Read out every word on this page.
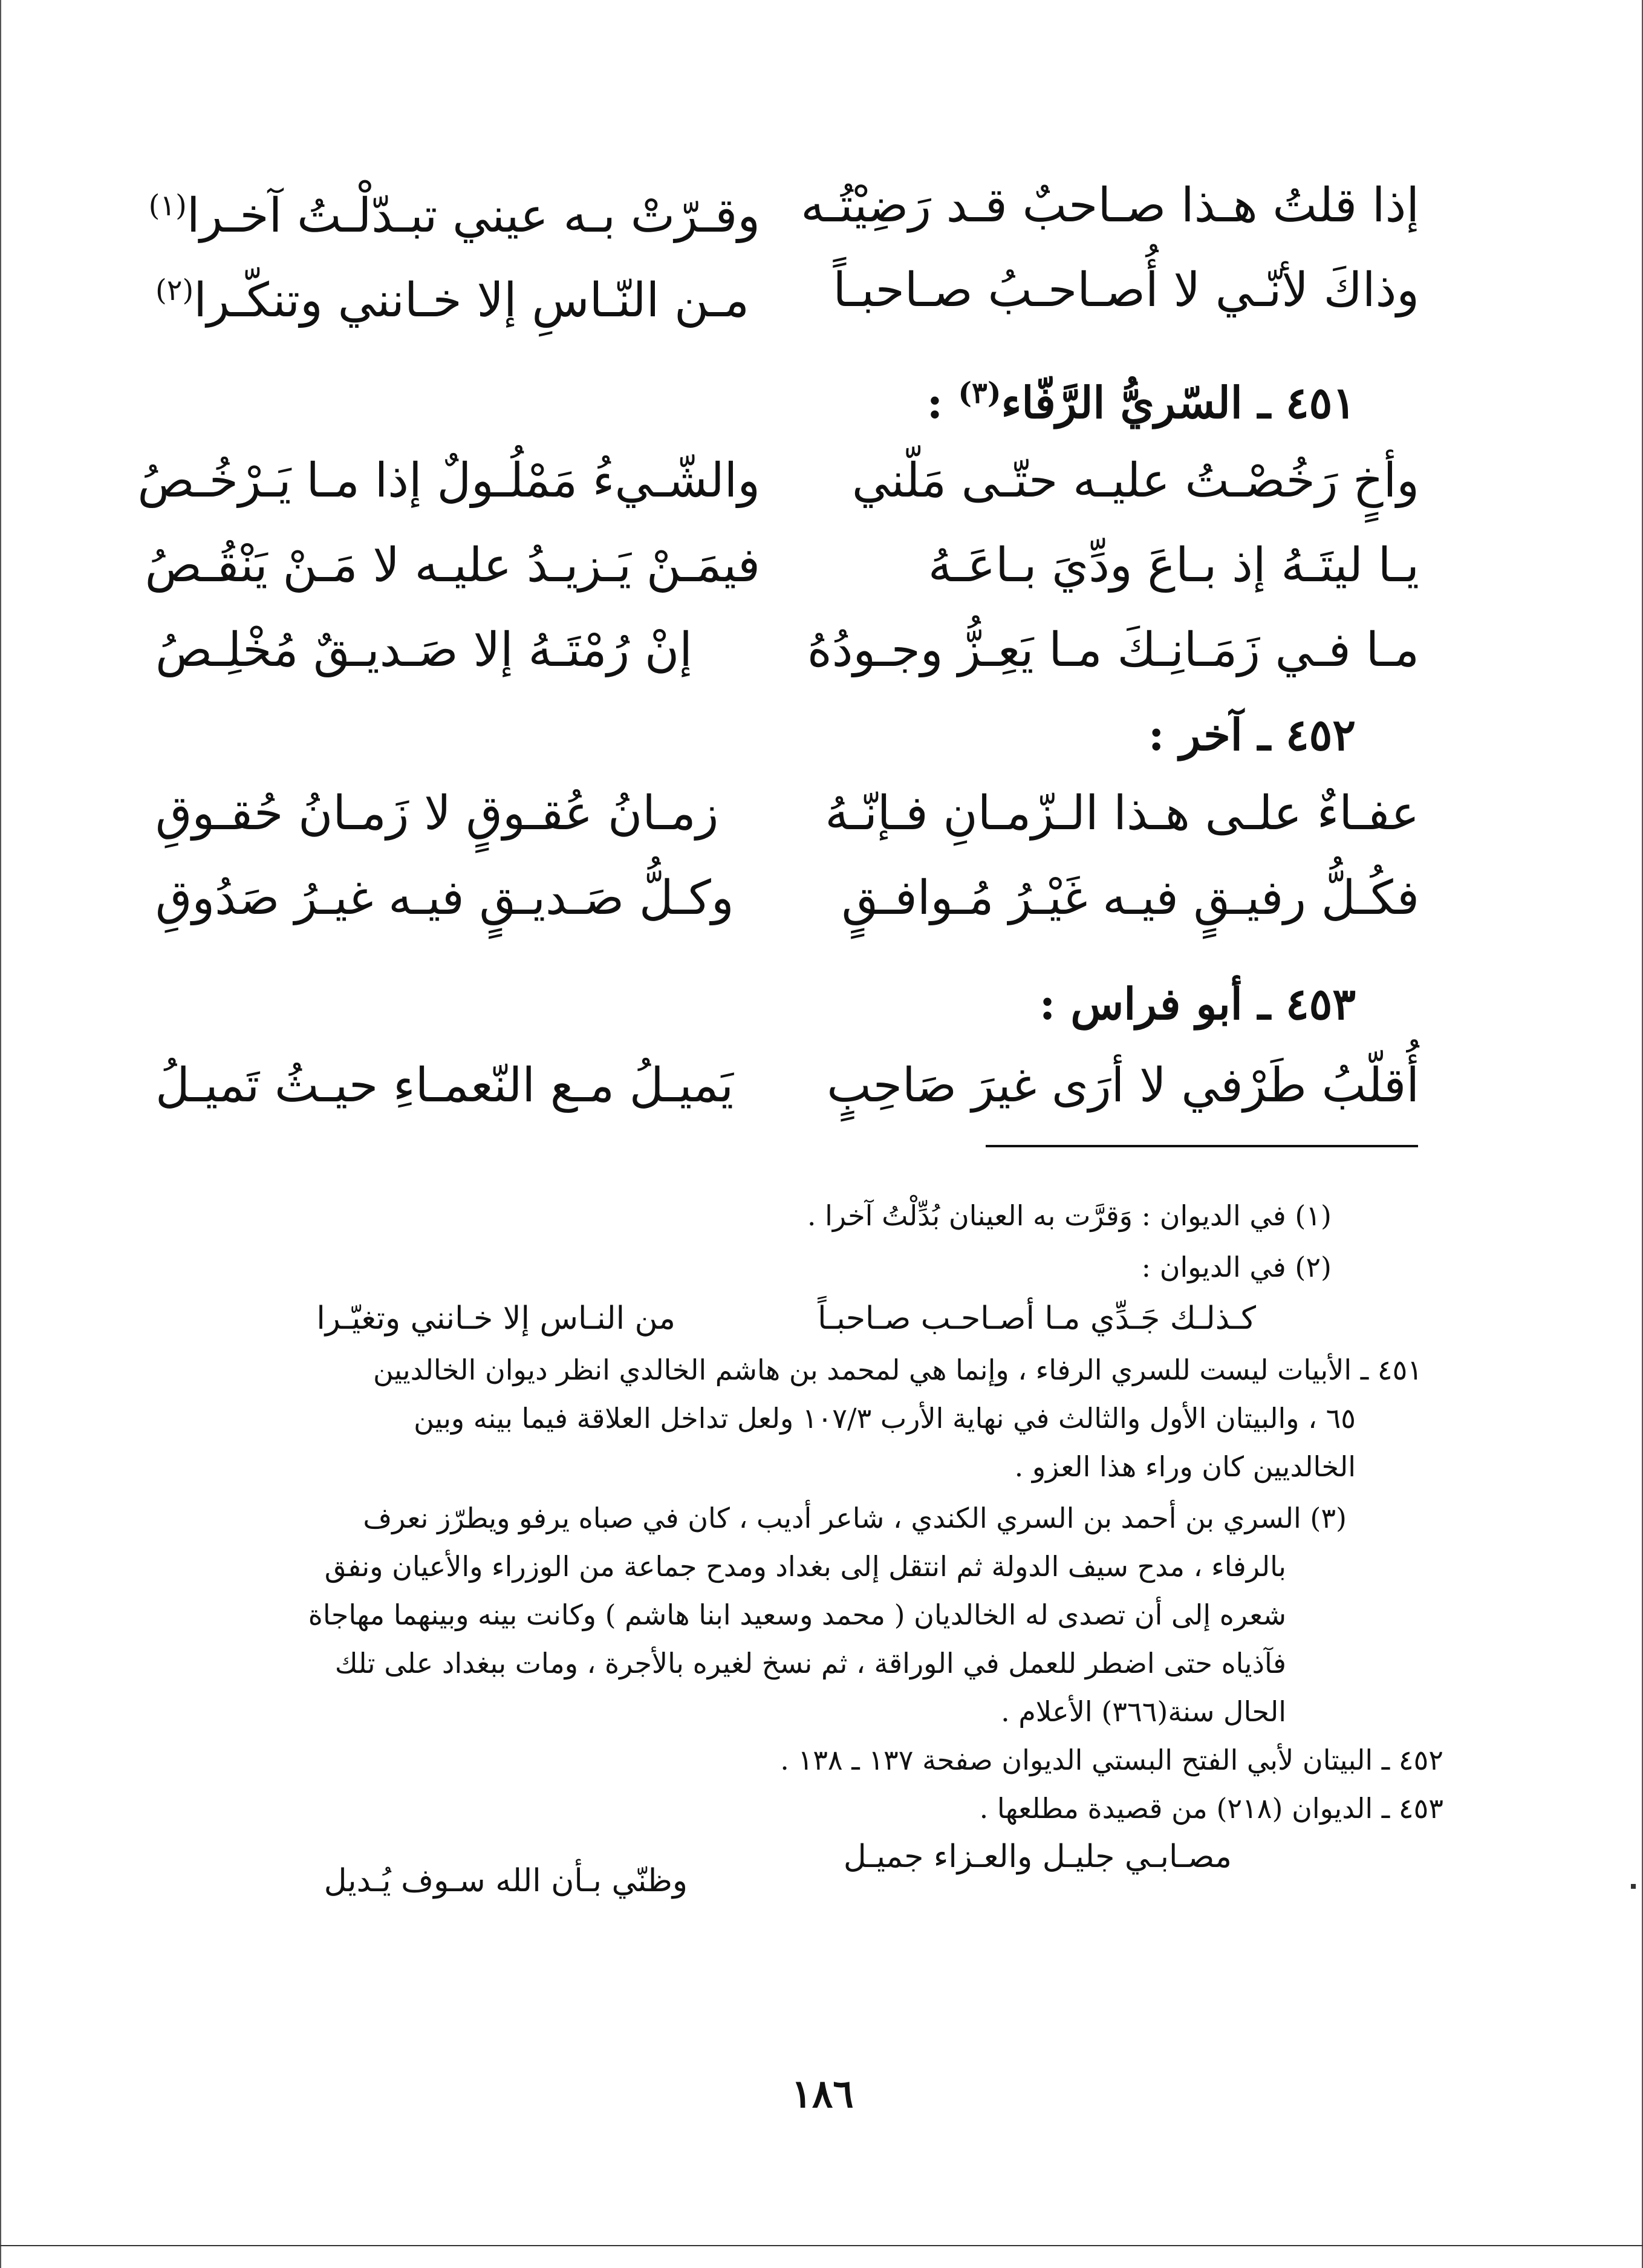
إذا قلتُ هـذا صـاحبٌ قـد رَضِيْتُـه
وقـرّتْ بـه عيني تبـدّلْـتُ آخـرا$^{(١)}$
وذاكَ لأنّـي لا أُصـاحـبُ صـاحبـاً
مـن النّـاسِ إلا خـانني وتنكّـرا$^{(٢)}$
٤٥١ ـ السّريُّ الرَّفّاء$^{(٣)}$ :
وأخٍ رَخُصْـتُ عليـه حتّـى مَلّني
والشّـيءُ مَمْلُـولٌ إذا مـا يَـرْخُـصُ
يـا ليتَـهُ إذ بـاعَ ودِّيَ بـاعَـهُ
فيمَـنْ يَـزيـدُ عليـه لا مَـنْ يَنْقُـصُ
مـا فـي زَمَـانِـكَ مـا يَعِـزُّ وجـودُهُ
إنْ رُمْتَـهُ إلا صَـديـقٌ مُخْلِـصُ
٤٥٢ ـ آخر :
عفـاءٌ علـى هـذا الـزّمـانِ فـإنّـهُ
زمـانُ عُقـوقٍ لا زَمـانُ حُقـوقِ
فكُـلُّ رفيـقٍ فيـه غَيْـرُ مُـوافـقٍ
وكـلُّ صَـديـقٍ فيـه غيـرُ صَدُوقِ
٤٥٣ ـ أبو فراس :
أُقلّبُ طَرْفي لا أرَى غيرَ صَاحِبٍ
يَميـلُ مـع النّعمـاءِ حيـثُ تَميـلُ
(١) في الديوان : وَقرَّت به العينان بُدِّلْتُ آخرا .
(٢) في الديوان :
كـذلـك جَـدِّي مـا أصـاحـب صـاحبـاً
من النـاس إلا خـانني وتغيّـرا
٤٥١ ـ الأبيات ليست للسري الرفاء ، وإنما هي لمحمد بن هاشم الخالدي انظر ديوان الخالديين
٦٥ ، والبيتان الأول والثالث في نهاية الأرب ١٠٧/٣ ولعل تداخل العلاقة فيما بينه وبين
الخالديين كان وراء هذا العزو .
(٣) السري بن أحمد بن السري الكندي ، شاعر أديب ، كان في صباه يرفو ويطرّز نعرف
بالرفاء ، مدح سيف الدولة ثم انتقل إلى بغداد ومدح جماعة من الوزراء والأعيان ونفق
شعره إلى أن تصدى له الخالديان ( محمد وسعيد ابنا هاشم ) وكانت بينه وبينهما مهاجاة
فآذياه حتى اضطر للعمل في الوراقة ، ثم نسخ لغيره بالأجرة ، ومات ببغداد على تلك
الحال سنة(٣٦٦) الأعلام .
٤٥٢ ـ البيتان لأبي الفتح البستي الديوان صفحة ١٣٧ ـ ١٣٨ .
٤٥٣ ـ الديوان (٢١٨) من قصيدة مطلعها .
مصـابـي جليـل والعـزاء جميـل
وظنّي بـأن الله سـوف يُـديل
١٨٦
